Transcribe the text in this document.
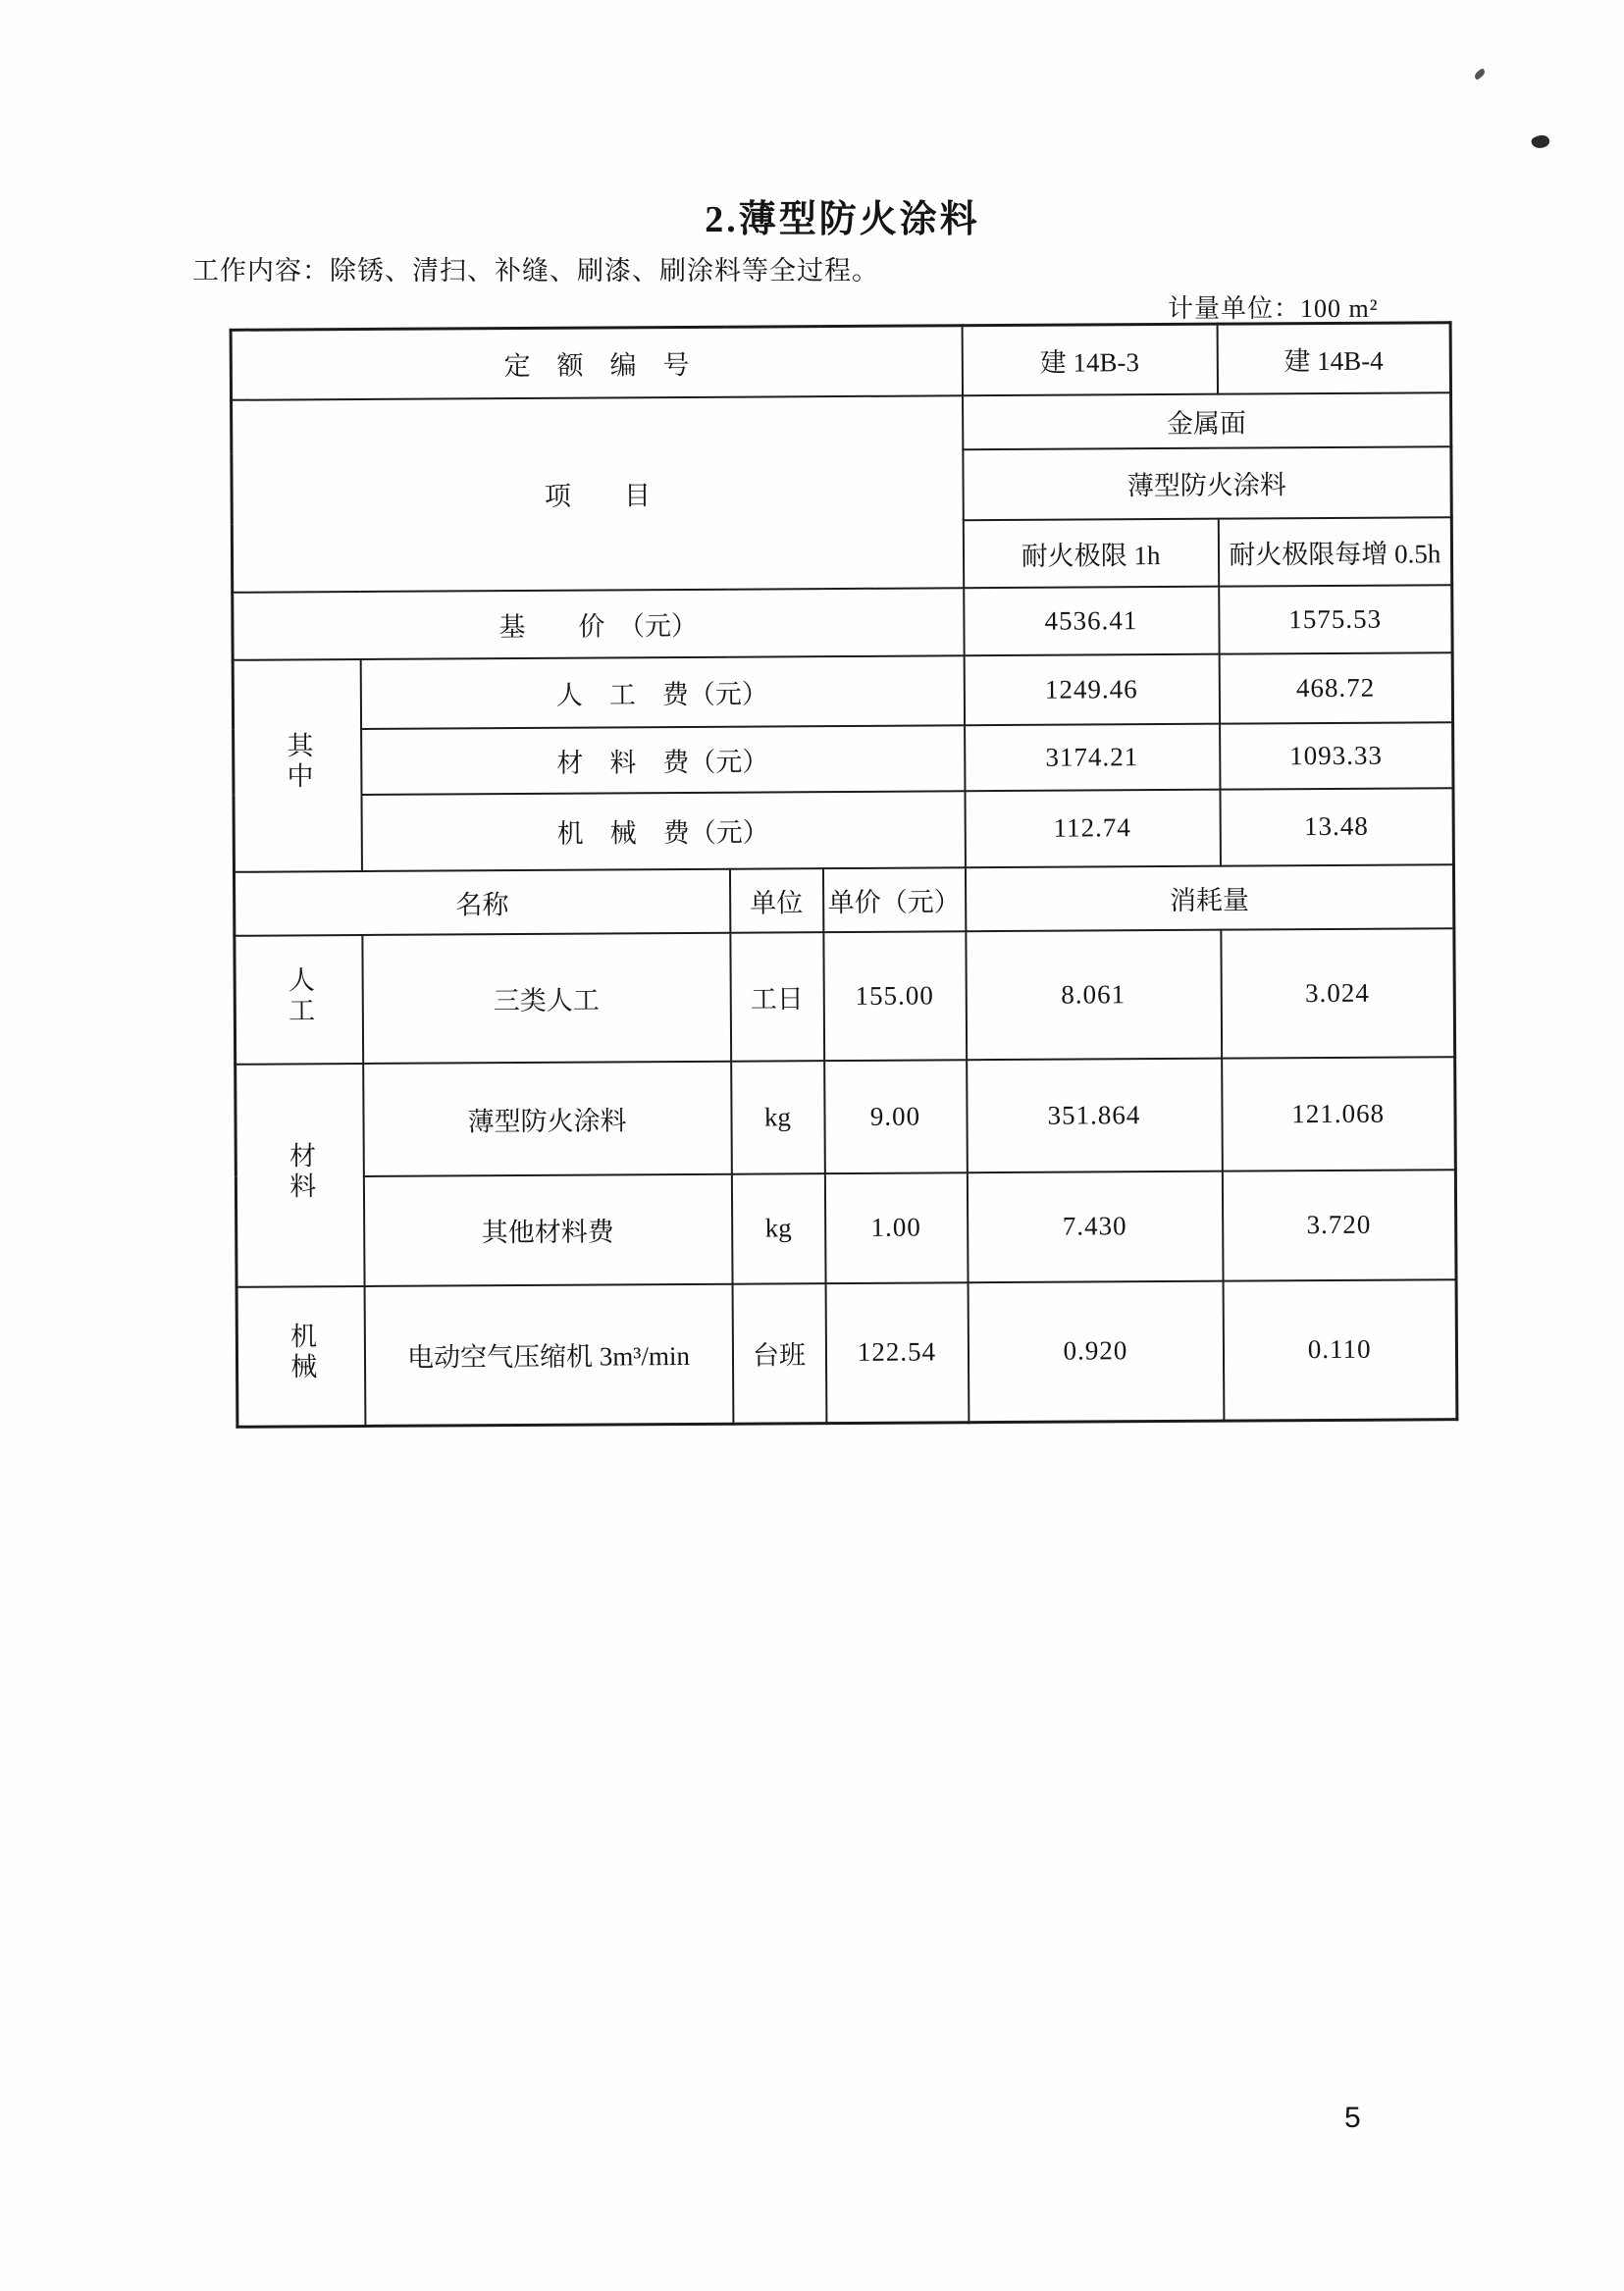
2.薄型防火涂料
工作内容：除锈、清扫、补缝、刷漆、刷涂料等全过程。
计量单位：100 m²
定　额　编　号				建 14B-3	建 14B-4
项　　目				金属面	
				薄型防火涂料	
				耐火极限 1h	耐火极限每增 0.5h
基　　价　（元）				4536.41	1575.53
其中	人　工　费（元）			1249.46	468.72
	材　料　费（元）			3174.21	1093.33
	机　械　费（元）			112.74	13.48
名称		单位	单价（元）	消耗量	
人工	三类人工	工日	155.00	8.061	3.024
材料	薄型防火涂料	kg	9.00	351.864	121.068
	其他材料费	kg	1.00	7.430	3.720
机械	电动空气压缩机 3m³/min	台班	122.54	0.920	0.110
5
